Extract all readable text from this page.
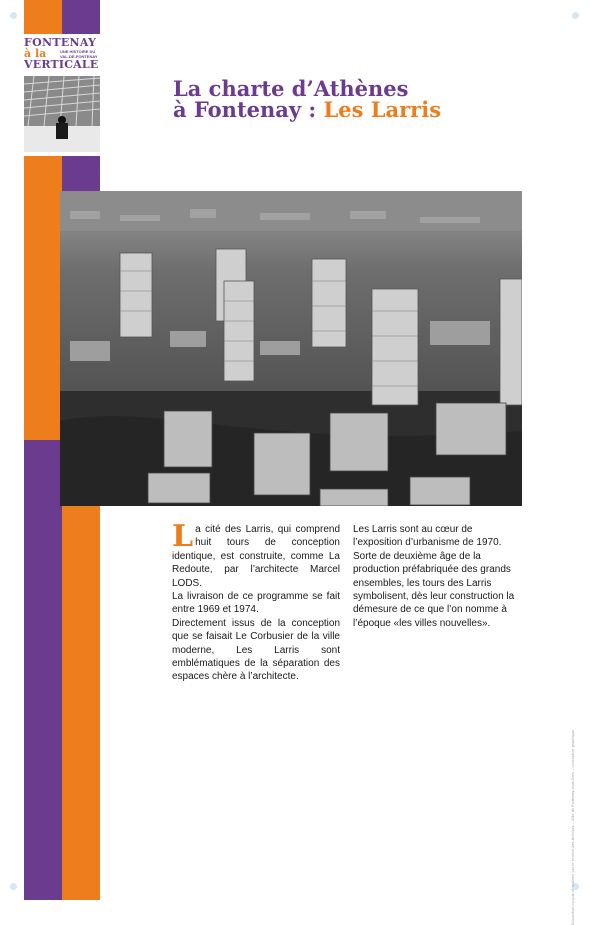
FONTENAY
à la
VERTICALE
UNE HISTOIRE DU VAL-DE-FONTENAY
La charte d’Athènes
à Fontenay : Les Larris
L a cité des Larris, qui comprend huit tours de conception identique, est construite, comme La Redoute, par l’architecte Marcel LODS.

La livraison de ce programme se fait entre 1969 et 1974.

Directement issus de la conception que se faisait Le Corbusier de la ville moderne, Les Larris sont emblématiques de la séparation des espaces chère à l’architecte.

Les Larris sont au cœur de l’exposition d’urbanisme de 1970. Sorte de deuxième âge de la production préfabriquée des grands ensembles, les tours des Larris symbolisent, dès leur construction la démesure de ce que l’on nomme à l’époque «les villes nouvelles».

Exposition conçue et réalisée par le service des Archives – Ville de Fontenay-sous-Bois – conception graphique
